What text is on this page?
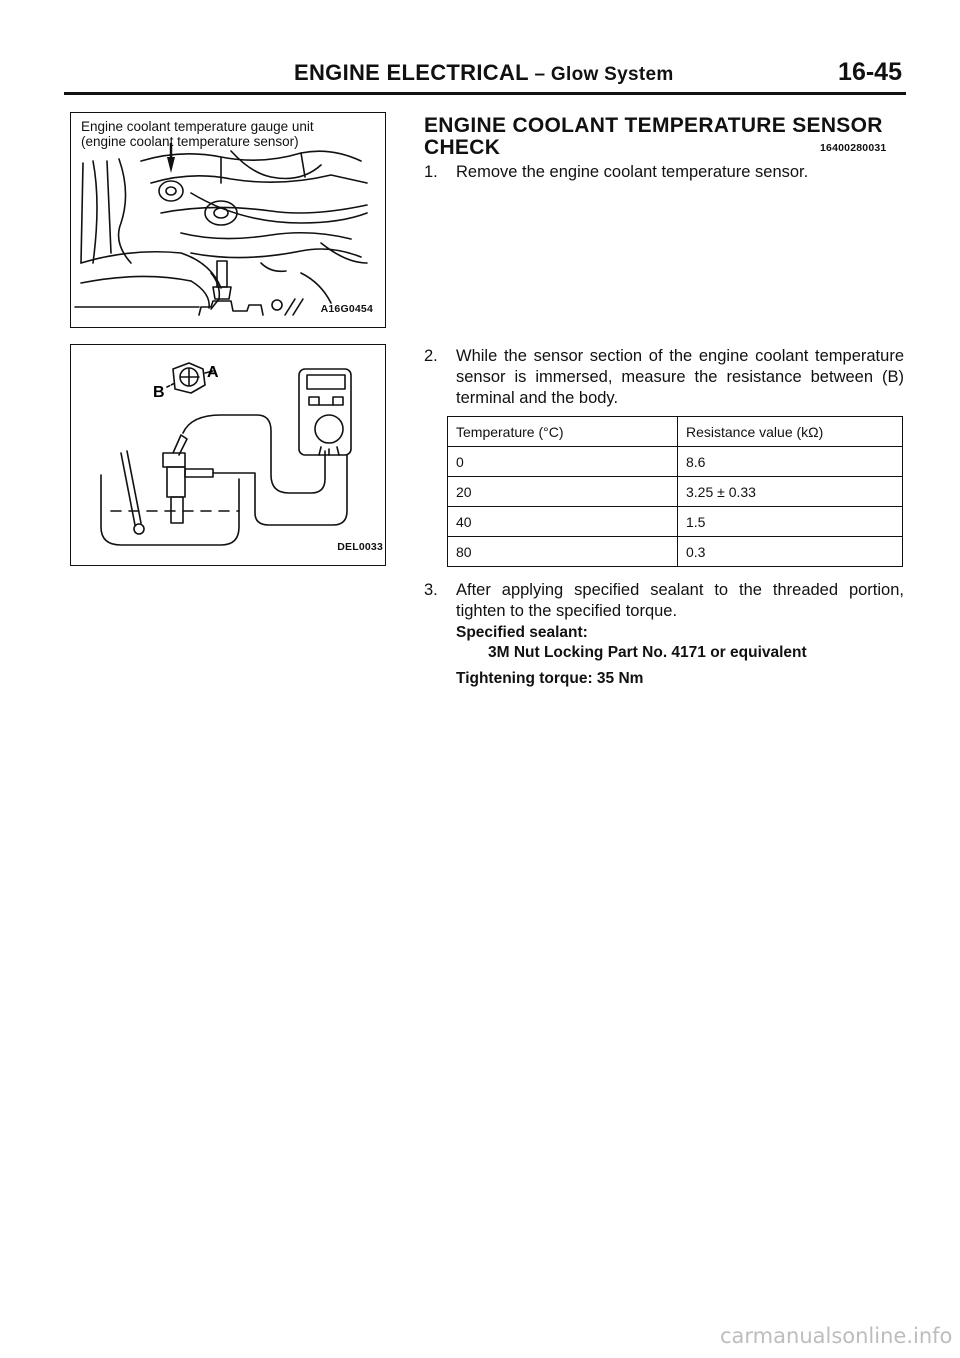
ENGINE ELECTRICAL – Glow System	16-45
Engine coolant temperature gauge unit
(engine coolant temperature sensor)
A16G0454
A
B
DEL0033
ENGINE COOLANT TEMPERATURE SENSOR
CHECK	16400280031
1. Remove the engine coolant temperature sensor.
2. While the sensor section of the engine coolant temperature sensor is immersed, measure the resistance between (B) terminal and the body.
Temperature (°C)	Resistance value (kΩ)
0	8.6
20	3.25 ± 0.33
40	1.5
80	0.3
3. After applying specified sealant to the threaded portion, tighten to the specified torque.
Specified sealant:
3M Nut Locking Part No. 4171 or equivalent
Tightening torque: 35 Nm
carmanualsonline.info
